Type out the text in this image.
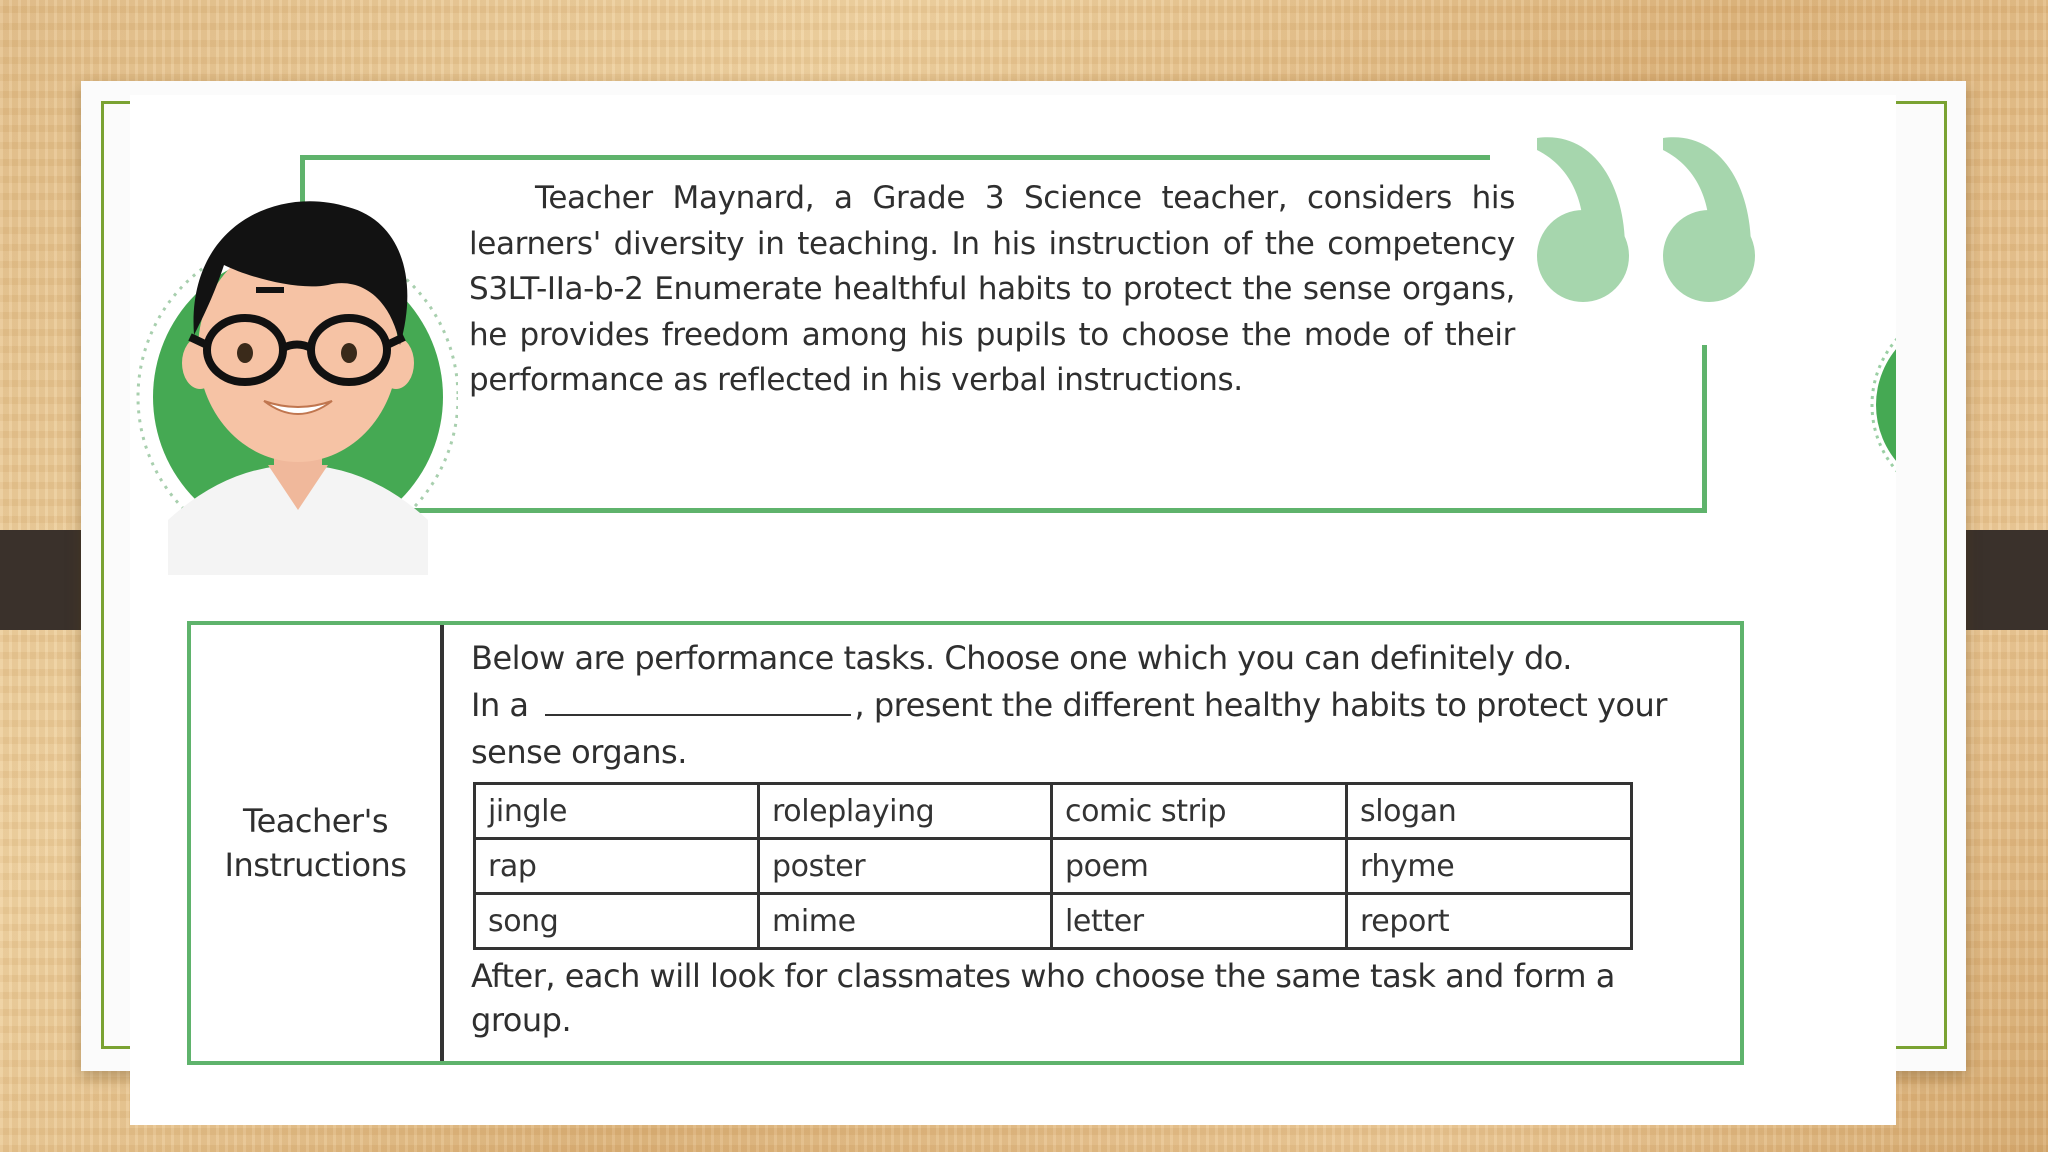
Teacher Maynard, a Grade 3 Science teacher, considers his learners' diversity in teaching. In his instruction of the competency S3LT-IIa-b-2 Enumerate healthful habits to protect the sense organs, he provides freedom among his pupils to choose the mode of their performance as reflected in his verbal instructions.

Teacher's
Instructions

Below are performance tasks. Choose one which you can definitely do.

In a	, present the different healthy habits to protect your

sense organs.

jingle	roleplaying	comic strip	slogan
rap	poster	poem	rhyme
song	mime	letter	report

After, each will look for classmates who choose the same task and form a group.
